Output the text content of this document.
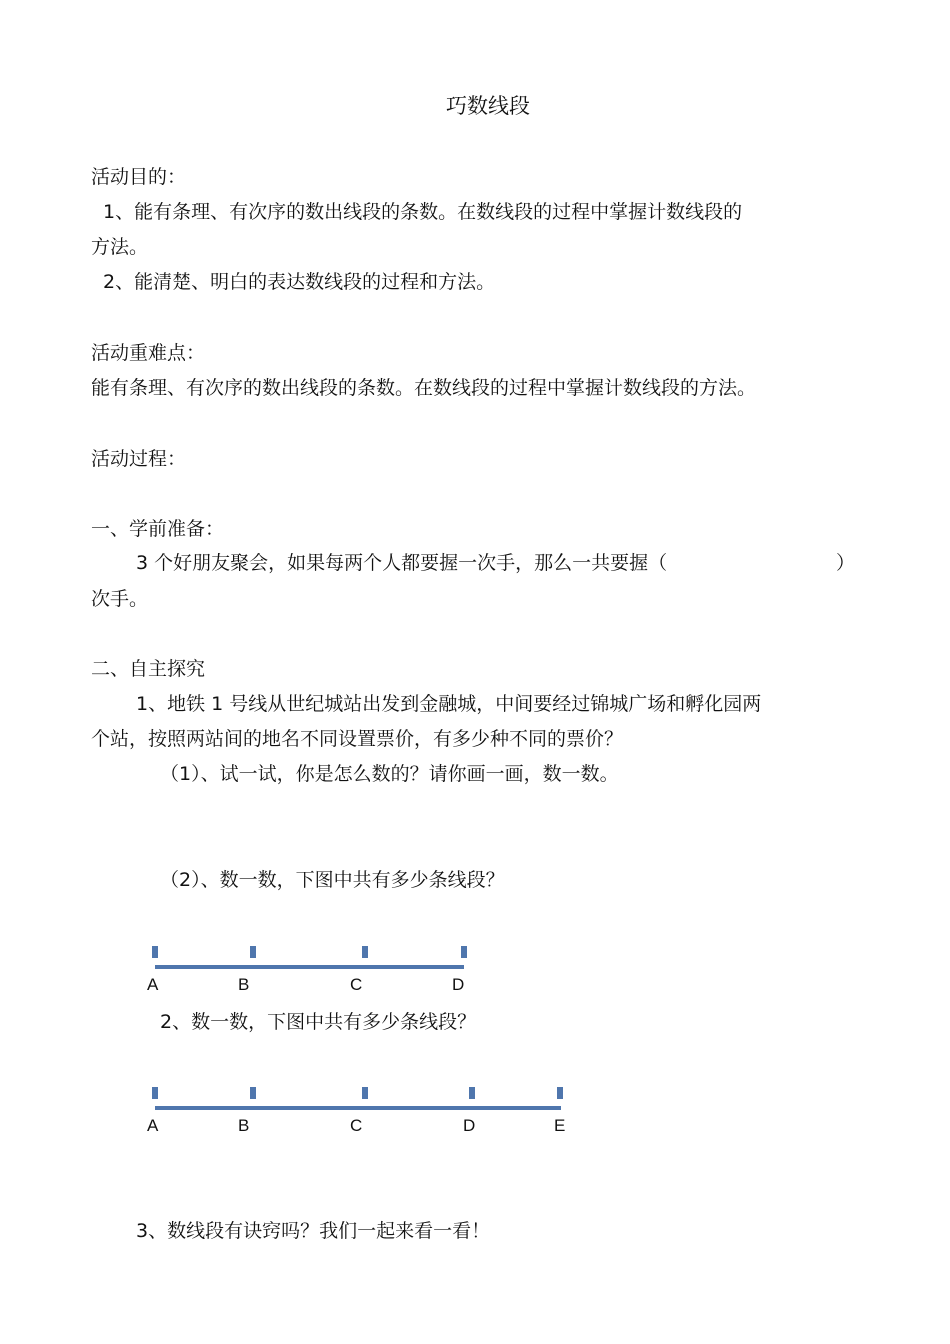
巧数线段
活动目的：
1、能有条理、有次序的数出线段的条数。在数线段的过程中掌握计数线段的
方法。
2、能清楚、明白的表达数线段的过程和方法。
活动重难点：
能有条理、有次序的数出线段的条数。在数线段的过程中掌握计数线段的方法。
活动过程：
一、学前准备：
3 个好朋友聚会，如果每两个人都要握一次手，那么一共要握（	）
次手。
二、自主探究
1、地铁 1 号线从世纪城站出发到金融城，中间要经过锦城广场和孵化园两
个站，按照两站间的地名不同设置票价，有多少种不同的票价？
（1）、试一试，你是怎么数的？请你画一画，数一数。
（2）、数一数，下图中共有多少条线段？
A	B	C	D
2、数一数，下图中共有多少条线段？
A	B	C	D	E
3、数线段有诀窍吗？我们一起来看一看！
